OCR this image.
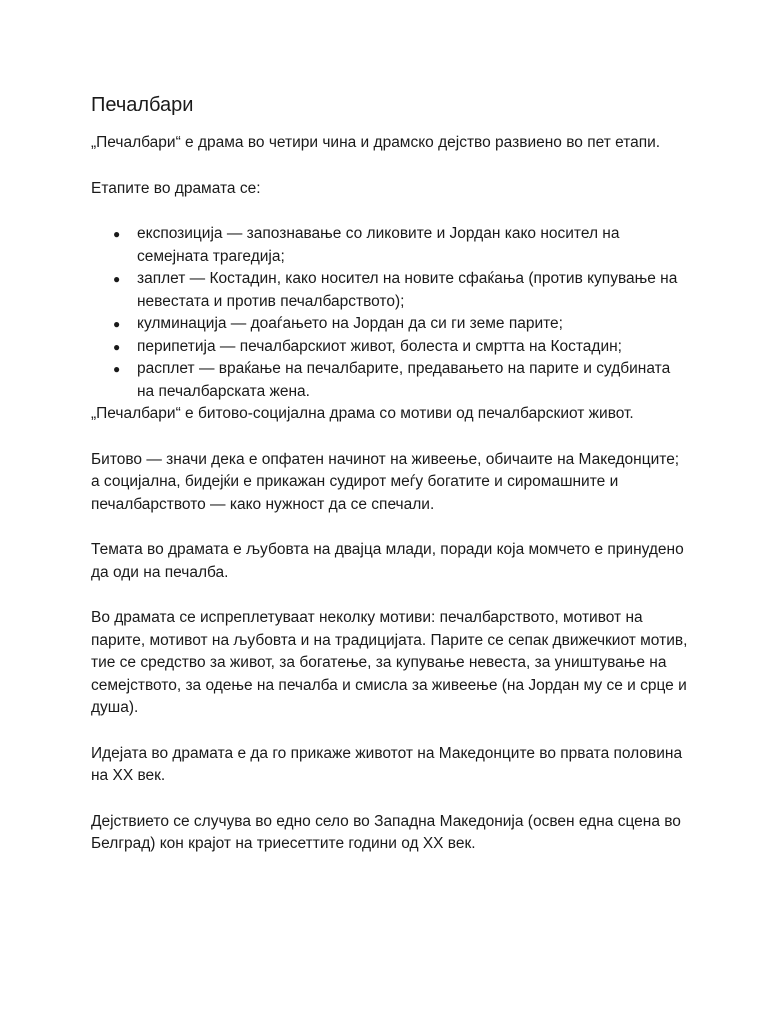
Печалбари

„Печалбари“ е драма во четири чина и драмско дејство развиено во пет етапи.

Етапите во драмата се:

● експозиција — запознавање со ликовите и Јордан како носител на семејната трагедија;
● заплет — Костадин, како носител на новите сфаќања (против купување на невестата и против печалбарството);
● кулминација — доаѓањето на Јордан да си ги земе парите;
● перипетија — печалбарскиот живот, болеста и смртта на Костадин;
● расплет — враќање на печалбарите, предавањето на парите и судбината на печалбарската жена.

„Печалбари“ е битово-социјална драма со мотиви од печалбарскиот живот.

Битово — значи дека е опфатен начинот на живеење, обичаите на Македонците; а социјална, бидејќи е прикажан судирот меѓу богатите и сиромашните и печалбарството — како нужност да се спечали.

Темата во драмата е љубовта на двајца млади, поради која момчето е принудено да оди на печалба.

Во драмата се испреплетуваат неколку мотиви: печалбарството, мотивот на парите, мотивот на љубовта и на традицијата. Парите се сепак движечкиот мотив, тие се средство за живот, за богатење, за купување невеста, за уништување на семејството, за одење на печалба и смисла за живеење (на Јордан му се и срце и душа).

Идејата во драмата е да го прикаже животот на Македонците во првата половина на XX век.

Дејствието се случува во едно село во Западна Македонија (освен една сцена во Белград) кон крајот на триесеттите години од XX век.
